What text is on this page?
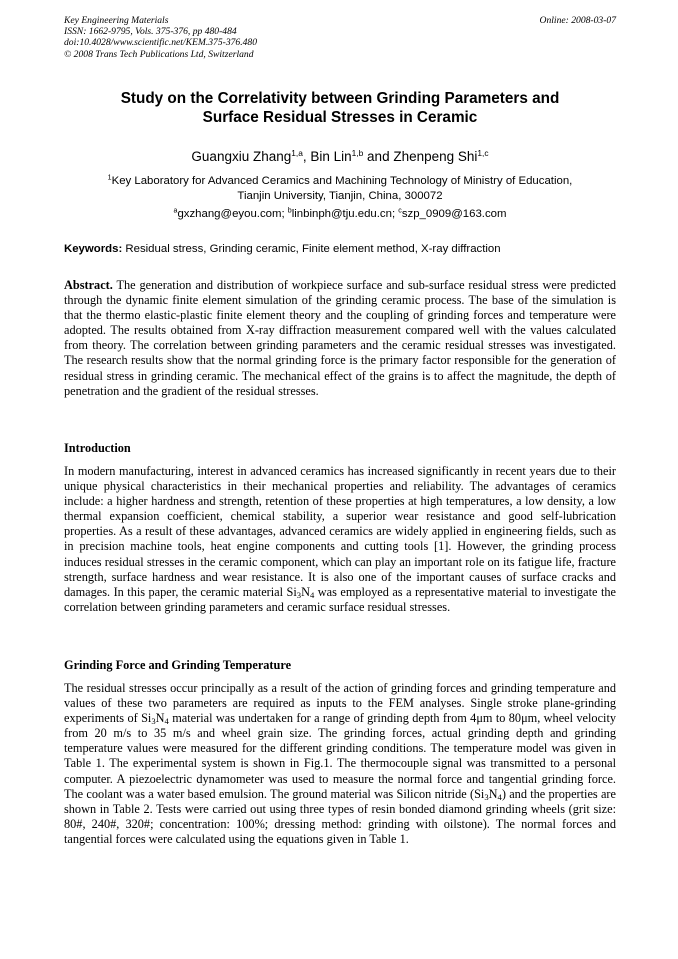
Key Engineering Materials
ISSN: 1662-9795, Vols. 375-376, pp 480-484
doi:10.4028/www.scientific.net/KEM.375-376.480
© 2008 Trans Tech Publications Ltd, Switzerland
Online: 2008-03-07
Study on the Correlativity between Grinding Parameters and
Surface Residual Stresses in Ceramic
Guangxiu Zhang$^{1,a}$, Bin Lin$^{1,b}$ and Zhenpeng Shi$^{1,c}$
$^1$Key Laboratory for Advanced Ceramics and Machining Technology of Ministry of Education,
Tianjin University, Tianjin, China, 300072
$^a$gxzhang@eyou.com; $^b$linbinph@tju.edu.cn; $^c$szp_0909@163.com
Keywords: Residual stress, Grinding ceramic, Finite element method, X-ray diffraction
Abstract. The generation and distribution of workpiece surface and sub-surface residual stress were predicted through the dynamic finite element simulation of the grinding ceramic process. The base of the simulation is that the thermo elastic-plastic finite element theory and the coupling of grinding forces and temperature were adopted. The results obtained from X-ray diffraction measurement compared well with the values calculated from theory. The correlation between grinding parameters and the ceramic residual stresses was investigated. The research results show that the normal grinding force is the primary factor responsible for the generation of residual stress in grinding ceramic. The mechanical effect of the grains is to affect the magnitude, the depth of penetration and the gradient of the residual stresses.
Introduction
In modern manufacturing, interest in advanced ceramics has increased significantly in recent years due to their unique physical characteristics in their mechanical properties and reliability. The advantages of ceramics include: a higher hardness and strength, retention of these properties at high temperatures, a low density, a low thermal expansion coefficient, chemical stability, a superior wear resistance and good self-lubrication properties. As a result of these advantages, advanced ceramics are widely applied in engineering fields, such as in precision machine tools, heat engine components and cutting tools [1]. However, the grinding process induces residual stresses in the ceramic component, which can play an important role on its fatigue life, fracture strength, surface hardness and wear resistance. It is also one of the important causes of surface cracks and damages. In this paper, the ceramic material $Si_3N_4$ was employed as a representative material to investigate the correlation between grinding parameters and ceramic surface residual stresses.
Grinding Force and Grinding Temperature
The residual stresses occur principally as a result of the action of grinding forces and grinding temperature and values of these two parameters are required as inputs to the FEM analyses. Single stroke plane-grinding experiments of $Si_3N_4$ material was undertaken for a range of grinding depth from 4μm to 80μm, wheel velocity from 20 m/s to 35 m/s and wheel grain size. The grinding forces, actual grinding depth and grinding temperature values were measured for the different grinding conditions. The temperature model was given in Table 1. The experimental system is shown in Fig.1. The thermocouple signal was transmitted to a personal computer. A piezoelectric dynamometer was used to measure the normal force and tangential grinding force. The coolant was a water based emulsion. The ground material was Silicon nitride $(Si_3N_4)$ and the properties are shown in Table 2. Tests were carried out using three types of resin bonded diamond grinding wheels (grit size: 80#, 240#, 320#; concentration: 100%; dressing method: grinding with oilstone). The normal forces and tangential forces were calculated using the equations given in Table 1.
